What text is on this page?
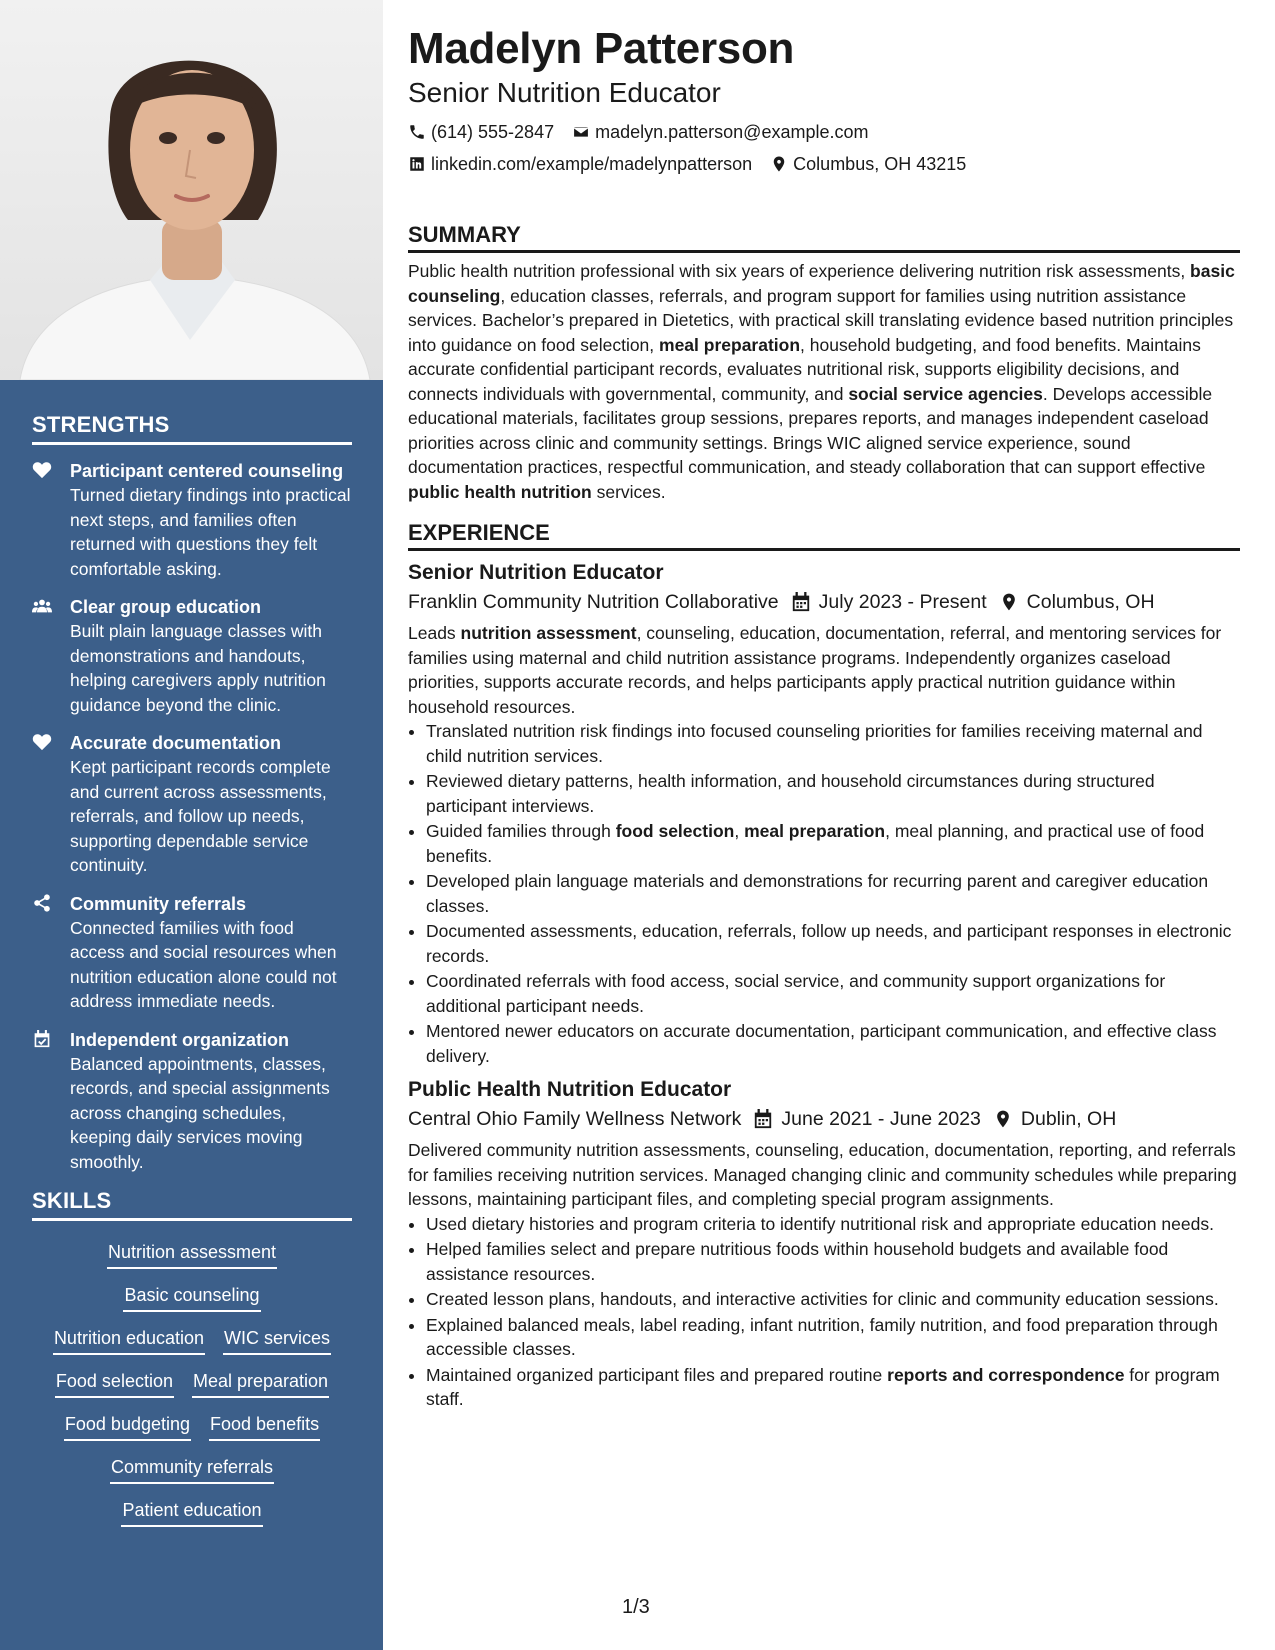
STRENGTHS
Participant centered counseling
Turned dietary findings into practical next steps, and families often returned with questions they felt comfortable asking.
Clear group education
Built plain language classes with demonstrations and handouts, helping caregivers apply nutrition guidance beyond the clinic.
Accurate documentation
Kept participant records complete and current across assessments, referrals, and follow up needs, supporting dependable service continuity.
Community referrals
Connected families with food access and social resources when nutrition education alone could not address immediate needs.
Independent organization
Balanced appointments, classes, records, and special assignments across changing schedules, keeping daily services moving smoothly.
SKILLS
Nutrition assessment
Basic counseling
Nutrition education WIC services
Food selection Meal preparation
Food budgeting Food benefits
Community referrals
Patient education
Madelyn Patterson
Senior Nutrition Educator
(614) 555-2847 madelyn.patterson@example.com
linkedin.com/example/madelynpatterson Columbus, OH 43215
SUMMARY

Public health nutrition professional with six years of experience delivering nutrition risk assessments, basic counseling, education classes, referrals, and program support for families using nutrition assistance services. Bachelor’s prepared in Dietetics, with practical skill translating evidence based nutrition principles into guidance on food selection, meal preparation, household budgeting, and food benefits. Maintains accurate confidential participant records, evaluates nutritional risk, supports eligibility decisions, and connects individuals with governmental, community, and social service agencies. Develops accessible educational materials, facilitates group sessions, prepares reports, and manages independent caseload priorities across clinic and community settings. Brings WIC aligned service experience, sound documentation practices, respectful communication, and steady collaboration that can support effective public health nutrition services.

EXPERIENCE
Senior Nutrition Educator
Franklin Community Nutrition Collaborative July 2023 - Present Columbus, OH

Leads nutrition assessment, counseling, education, documentation, referral, and mentoring services for families using maternal and child nutrition assistance programs. Independently organizes caseload priorities, supports accurate records, and helps participants apply practical nutrition guidance within household resources.

• Translated nutrition risk findings into focused counseling priorities for families receiving maternal and child nutrition services.
• Reviewed dietary patterns, health information, and household circumstances during structured participant interviews.
• Guided families through food selection, meal preparation, meal planning, and practical use of food benefits.
• Developed plain language materials and demonstrations for recurring parent and caregiver education classes.
• Documented assessments, education, referrals, follow up needs, and participant responses in electronic records.
• Coordinated referrals with food access, social service, and community support organizations for additional participant needs.
• Mentored newer educators on accurate documentation, participant communication, and effective class delivery.
Public Health Nutrition Educator
Central Ohio Family Wellness Network June 2021 - June 2023 Dublin, OH

Delivered community nutrition assessments, counseling, education, documentation, reporting, and referrals for families receiving nutrition services. Managed changing clinic and community schedules while preparing lessons, maintaining participant files, and completing special program assignments.

• Used dietary histories and program criteria to identify nutritional risk and appropriate education needs.
• Helped families select and prepare nutritious foods within household budgets and available food assistance resources.
• Created lesson plans, handouts, and interactive activities for clinic and community education sessions.
• Explained balanced meals, label reading, infant nutrition, family nutrition, and food preparation through accessible classes.
• Maintained organized participant files and prepared routine reports and correspondence for program staff.
1/3
